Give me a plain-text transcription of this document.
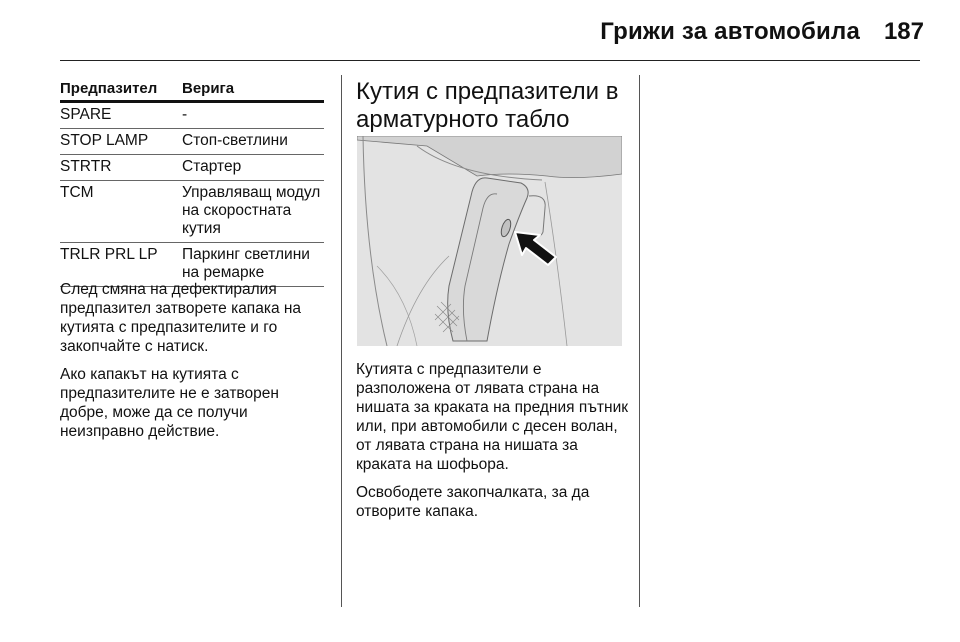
Грижи за автомобила 187
Предпазител	Верига
SPARE	-
STOP LAMP	Стоп-светлини
STRTR	Стартер
TCM	Управляващ модул на скоростната кутия
TRLR PRL LP	Паркинг светлини на ремарке

След смяна на дефектиралия предпазител затворете капака на кутията с предпазителите и го закопчайте с натиск.

Ако капакът на кутията с предпазителите не е затворен добре, може да се получи неизправно действие.

Кутия с предпазители в арматурното табло

Кутията с предпазители е разположена от лявата страна на нишата за краката на предния пътник или, при автомобили с десен волан, от лявата страна на нишата за краката на шофьора.

Освободете закопчалката, за да отворите капака.
